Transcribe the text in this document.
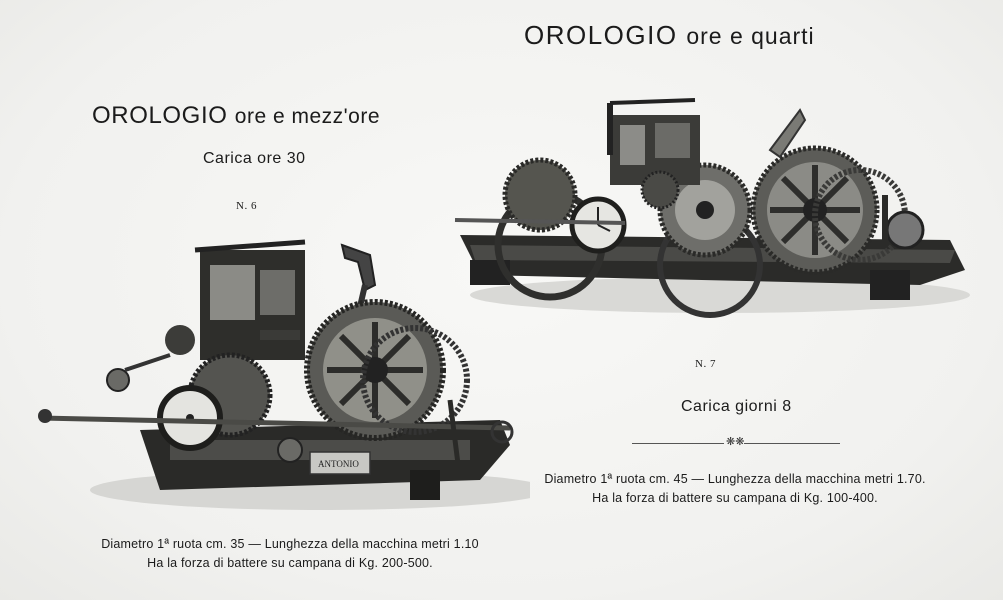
OROLOGIO ore e quarti
OROLOGIO ore e mezz'ore
Carica ore 30
N. 6
N. 7
Carica giorni 8
❋❋
Diametro 1ª ruota cm. 45 — Lunghezza della macchina metri 1.70.
Ha la forza di battere su campana di Kg. 100-400.
ANTONIO
Diametro 1ª ruota cm. 35 — Lunghezza della macchina metri 1.10
Ha la forza di battere su campana di Kg. 200-500.
